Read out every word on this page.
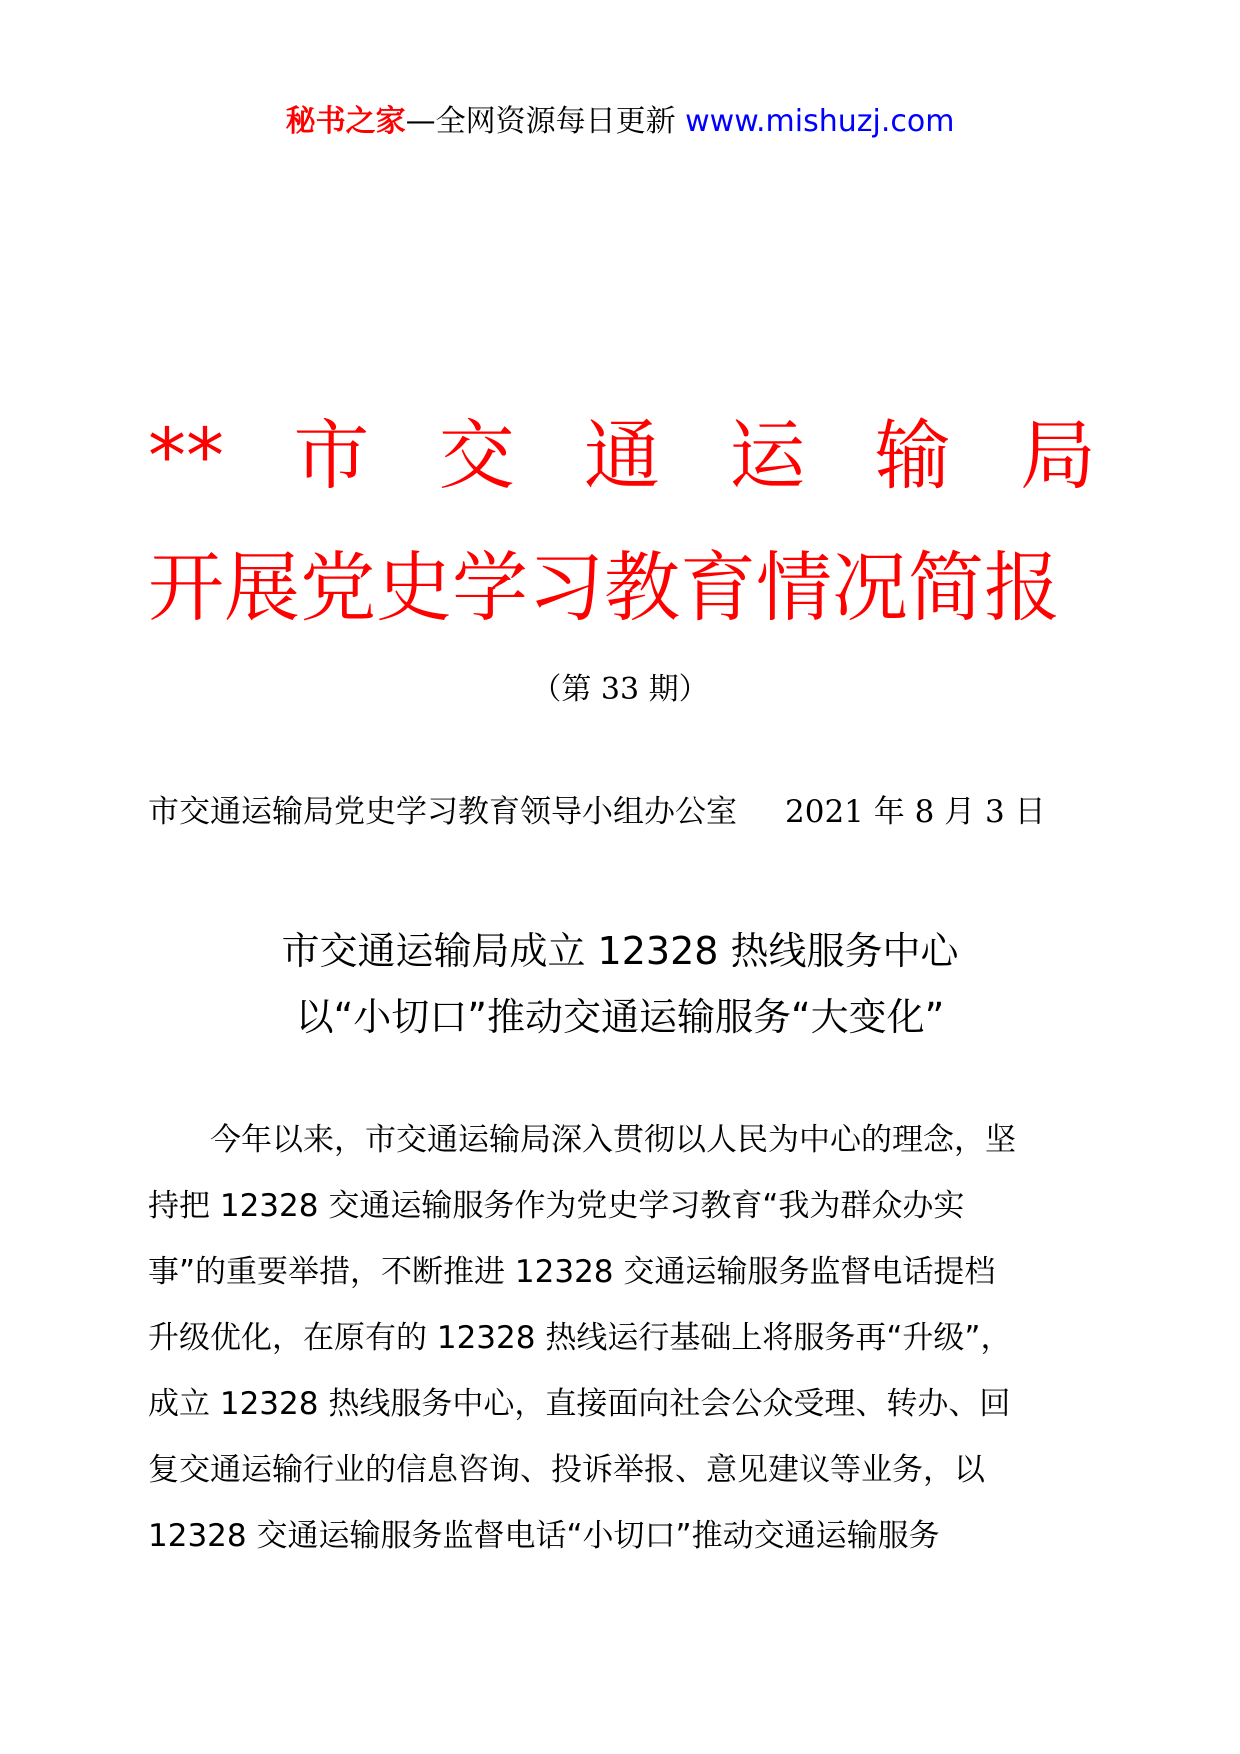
秘书之家—全网资源每日更新 www.mishuzj.com
** 市 交 通 运 输 局
开展党史学习教育情况简报
（第 33 期）
市交通运输局党史学习教育领导小组办公室 2021 年 8 月 3 日
市交通运输局成立 12328 热线服务中心
以“小切口”推动交通运输服务“大变化”
今年以来，市交通运输局深入贯彻以人民为中心的理念，坚
持把 12328 交通运输服务作为党史学习教育“我为群众办实
事”的重要举措，不断推进 12328 交通运输服务监督电话提档
升级优化，在原有的 12328 热线运行基础上将服务再“升级”，
成立 12328 热线服务中心，直接面向社会公众受理、转办、回
复交通运输行业的信息咨询、投诉举报、意见建议等业务，以
12328 交通运输服务监督电话“小切口”推动交通运输服务
